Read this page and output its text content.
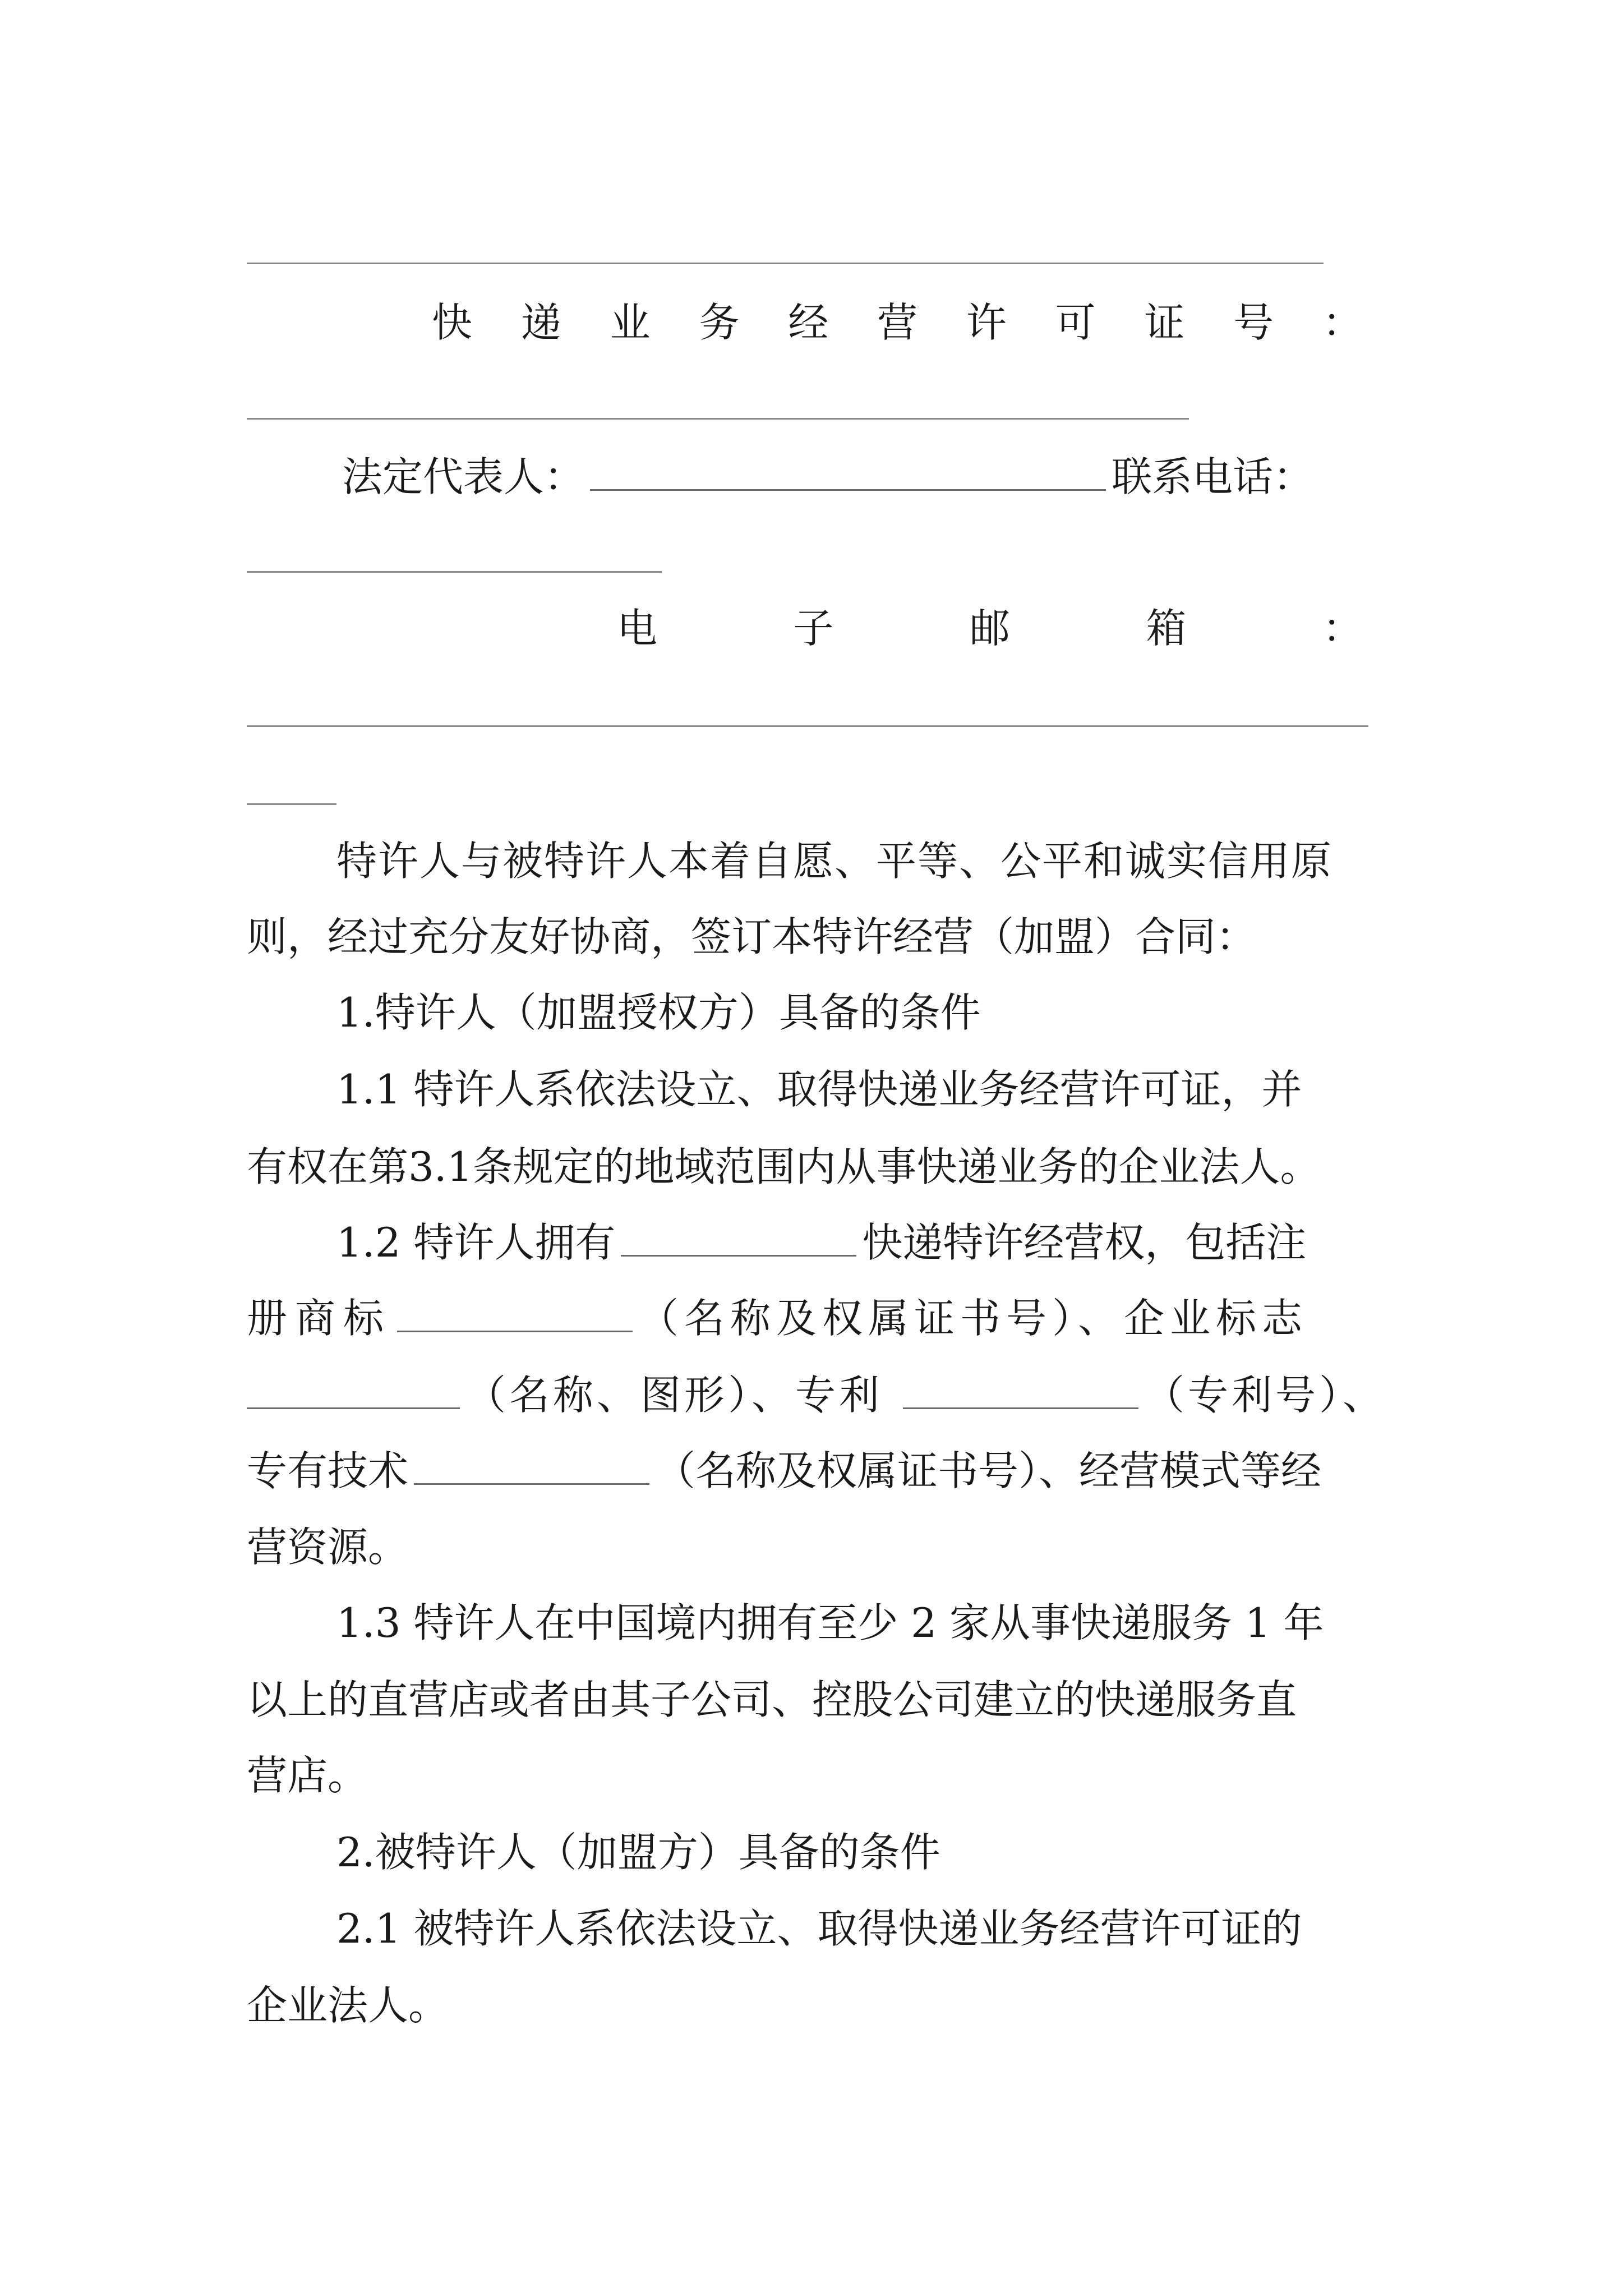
快 递 业 务 经 营 许 可 证 号 ：
法定代表人：	联系电话：
电	子	邮	箱	：
特许人与被特许人本着自愿、平等、公平和诚实信用原
则，经过充分友好协商，签订本特许经营（加盟）合同：
1.特许人（加盟授权方）具备的条件
1.1 特许人系依法设立、取得快递业务经营许可证，并
有权在第3.1条规定的地域范围内从事快递业务的企业法人。
1.2 特许人拥有	快递特许经营权，包括注
册商标	（名称及权属证书号）、企业标志
（名称、图形）、专利	（专利号）、
专有技术	（名称及权属证书号）、经营模式等经
营资源。
1.3 特许人在中国境内拥有至少 2 家从事快递服务 1 年
以上的直营店或者由其子公司、控股公司建立的快递服务直
营店。
2.被特许人（加盟方）具备的条件
2.1 被特许人系依法设立、取得快递业务经营许可证的
企业法人。
